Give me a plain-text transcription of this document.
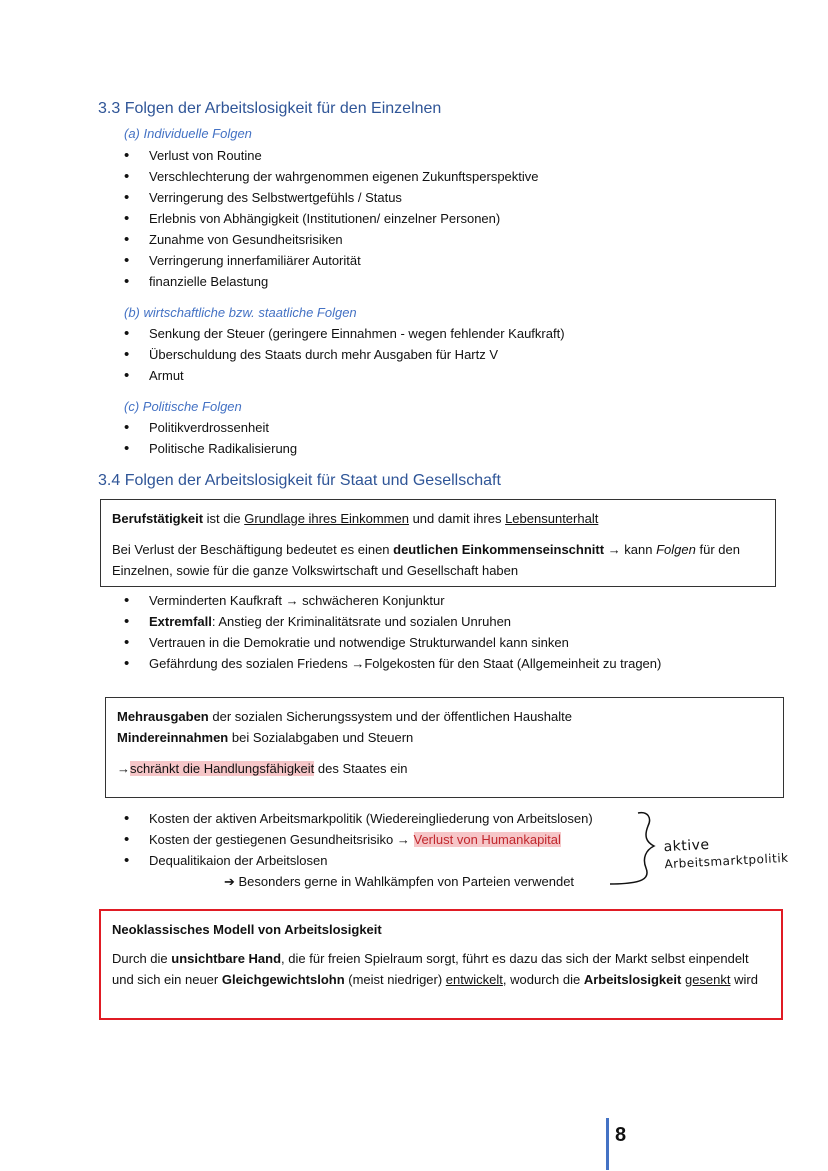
3.3 Folgen der Arbeitslosigkeit für den Einzelnen
(a) Individuelle Folgen
• Verlust von Routine
• Verschlechterung der wahrgenommen eigenen Zukunftsperspektive
• Verringerung des Selbstwertgefühls / Status
• Erlebnis von Abhängigkeit (Institutionen/ einzelner Personen)
• Zunahme von Gesundheitsrisiken
• Verringerung innerfamiliärer Autorität
• finanzielle Belastung
(b) wirtschaftliche bzw. staatliche Folgen
• Senkung der Steuer (geringere Einnahmen - wegen fehlender Kaufkraft)
• Überschuldung des Staats durch mehr Ausgaben für Hartz V
• Armut
(c) Politische Folgen
• Politikverdrossenheit
• Politische Radikalisierung
3.4 Folgen der Arbeitslosigkeit für Staat und Gesellschaft

Berufstätigkeit ist die Grundlage ihres Einkommen und damit ihres Lebensunterhalt

Bei Verlust der Beschäftigung bedeutet es einen deutlichen Einkommenseinschnitt → kann Folgen für den Einzelnen, sowie für die ganze Volkswirtschaft und Gesellschaft haben

• Verminderten Kaufkraft → schwächeren Konjunktur
• Extremfall: Anstieg der Kriminalitätsrate und sozialen Unruhen
• Vertrauen in die Demokratie und notwendige Strukturwandel kann sinken
• Gefährdung des sozialen Friedens →Folgekosten für den Staat (Allgemeinheit zu tragen)

Mehrausgaben der sozialen Sicherungssystem und der öffentlichen Haushalte

Mindereinnahmen bei Sozialabgaben und Steuern

→schränkt die Handlungsfähigkeit des Staates ein

• Kosten der aktiven Arbeitsmarkpolitik (Wiedereingliederung von Arbeitslosen)
• Kosten der gestiegenen Gesundheitsrisiko → Verlust von Humankapital
• Dequalitikaion der Arbeitslosen
➔ Besonders gerne in Wahlkämpfen von Parteien verwendet
aktive
Arbeitsmarktpolitik

Neoklassisches Modell von Arbeitslosigkeit

Durch die unsichtbare Hand, die für freien Spielraum sorgt, führt es dazu das sich der Markt selbst einpendelt und sich ein neuer Gleichgewichtslohn (meist niedriger) entwickelt, wodurch die Arbeitslosigkeit gesenkt wird

8
